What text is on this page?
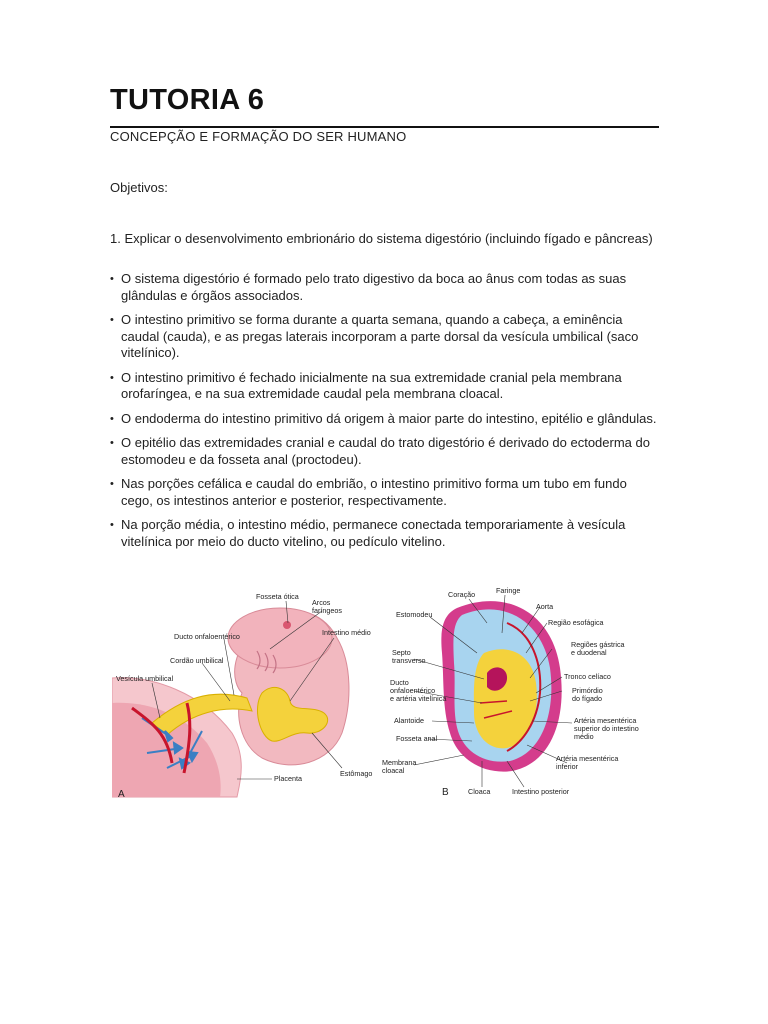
TUTORIA 6
CONCEPÇÃO E FORMAÇÃO DO SER HUMANO
Objetivos:
1. Explicar o desenvolvimento embrionário do sistema digestório (incluindo fígado e pâncreas)
• O sistema digestório é formado pelo trato digestivo da boca ao ânus com todas as suas glândulas e órgãos associados.
• O intestino primitivo se forma durante a quarta semana, quando a cabeça, a eminência caudal (cauda), e as pregas laterais incorporam a parte dorsal da vesícula umbilical (saco vitelínico).
• O intestino primitivo é fechado inicialmente na sua extremidade cranial pela membrana orofaríngea, e na sua extremidade caudal pela membrana cloacal.
• O endoderma do intestino primitivo dá origem à maior parte do intestino, epitélio e glândulas.
• O epitélio das extremidades cranial e caudal do trato digestório é derivado do ectoderma do estomodeu e da fosseta anal (proctodeu).
• Nas porções cefálica e caudal do embrião, o intestino primitivo forma um tubo em fundo cego, os intestinos anterior e posterior, respectivamente.
• Na porção média, o intestino médio, permanece conectada temporariamente à vesícula vitelínica por meio do ducto vitelino, ou pedículo vitelino.
Fosseta ótica
Arcos
faríngeos
Ducto onfaloentérico	Intestino médio
Cordão umbilical
Vesícula umbilical
Estômago
Placenta
A
Coração	Faringe
Aorta
Estomodeu
Região esofágica
Regiões gástrica
e duodenal
Septo
transverso
Ducto
onfaloentérico
e artéria vitelínica
Tronco celíaco
Primórdio
do fígado
Alantoide	Artéria mesentérica
superior do intestino
médio
Fosseta anal
Membrana
cloacal
Artéria mesentérica
inferior
Cloaca	Intestino posterior
B
